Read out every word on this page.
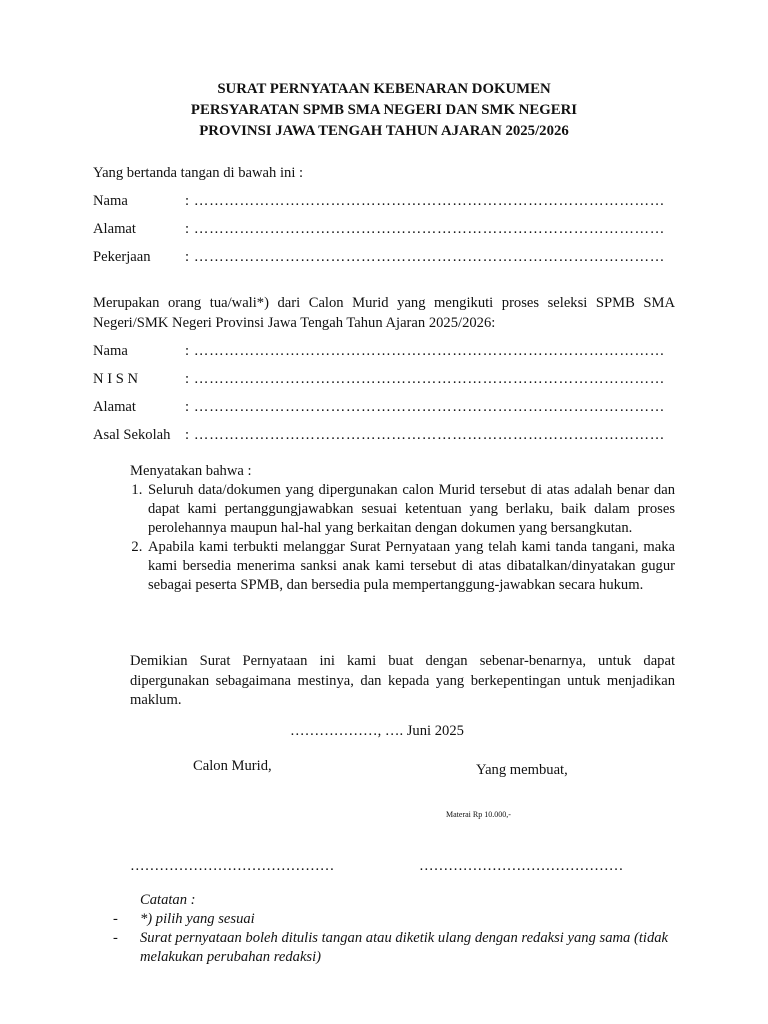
SURAT PERNYATAAN KEBENARAN DOKUMEN
PERSYARATAN SPMB SMA NEGERI DAN SMK NEGERI
PROVINSI JAWA TENGAH TAHUN AJARAN 2025/2026
Yang bertanda tangan di bawah ini :
Nama	: …………………………………………………………………………………
Alamat	: …………………………………………………………………………………
Pekerjaan : …………………………………………………………………………………
Merupakan orang tua/wali*) dari Calon Murid yang mengikuti proses seleksi SPMB SMA Negeri/SMK Negeri Provinsi Jawa Tengah Tahun Ajaran 2025/2026:
Nama	: …………………………………………………………………………………
N I S N	: …………………………………………………………………………………
Alamat	: …………………………………………………………………………………
Asal Sekolah : …………………………………………………………………………………
Menyatakan bahwa :
1. Seluruh data/dokumen yang dipergunakan calon Murid tersebut di atas adalah benar dan dapat kami pertanggungjawabkan sesuai ketentuan yang berlaku, baik dalam proses perolehannya maupun hal-hal yang berkaitan dengan dokumen yang bersangkutan.
2. Apabila kami terbukti melanggar Surat Pernyataan yang telah kami tanda tangani, maka kami bersedia menerima sanksi anak kami tersebut di atas dibatalkan/dinyatakan gugur sebagai peserta SPMB, dan bersedia pula mempertanggung-jawabkan secara hukum.
Demikian Surat Pernyataan ini kami buat dengan sebenar-benarnya, untuk dapat dipergunakan sebagaimana mestinya, dan kepada yang berkepentingan untuk menjadikan maklum.
………………, …. Juni 2025
Calon Murid,	Yang membuat,
Materai Rp 10.000,-
……………………………………	……………………………………
Catatan :
- *) pilih yang sesuai
- Surat pernyataan boleh ditulis tangan atau diketik ulang dengan redaksi yang sama (tidak melakukan perubahan redaksi)
